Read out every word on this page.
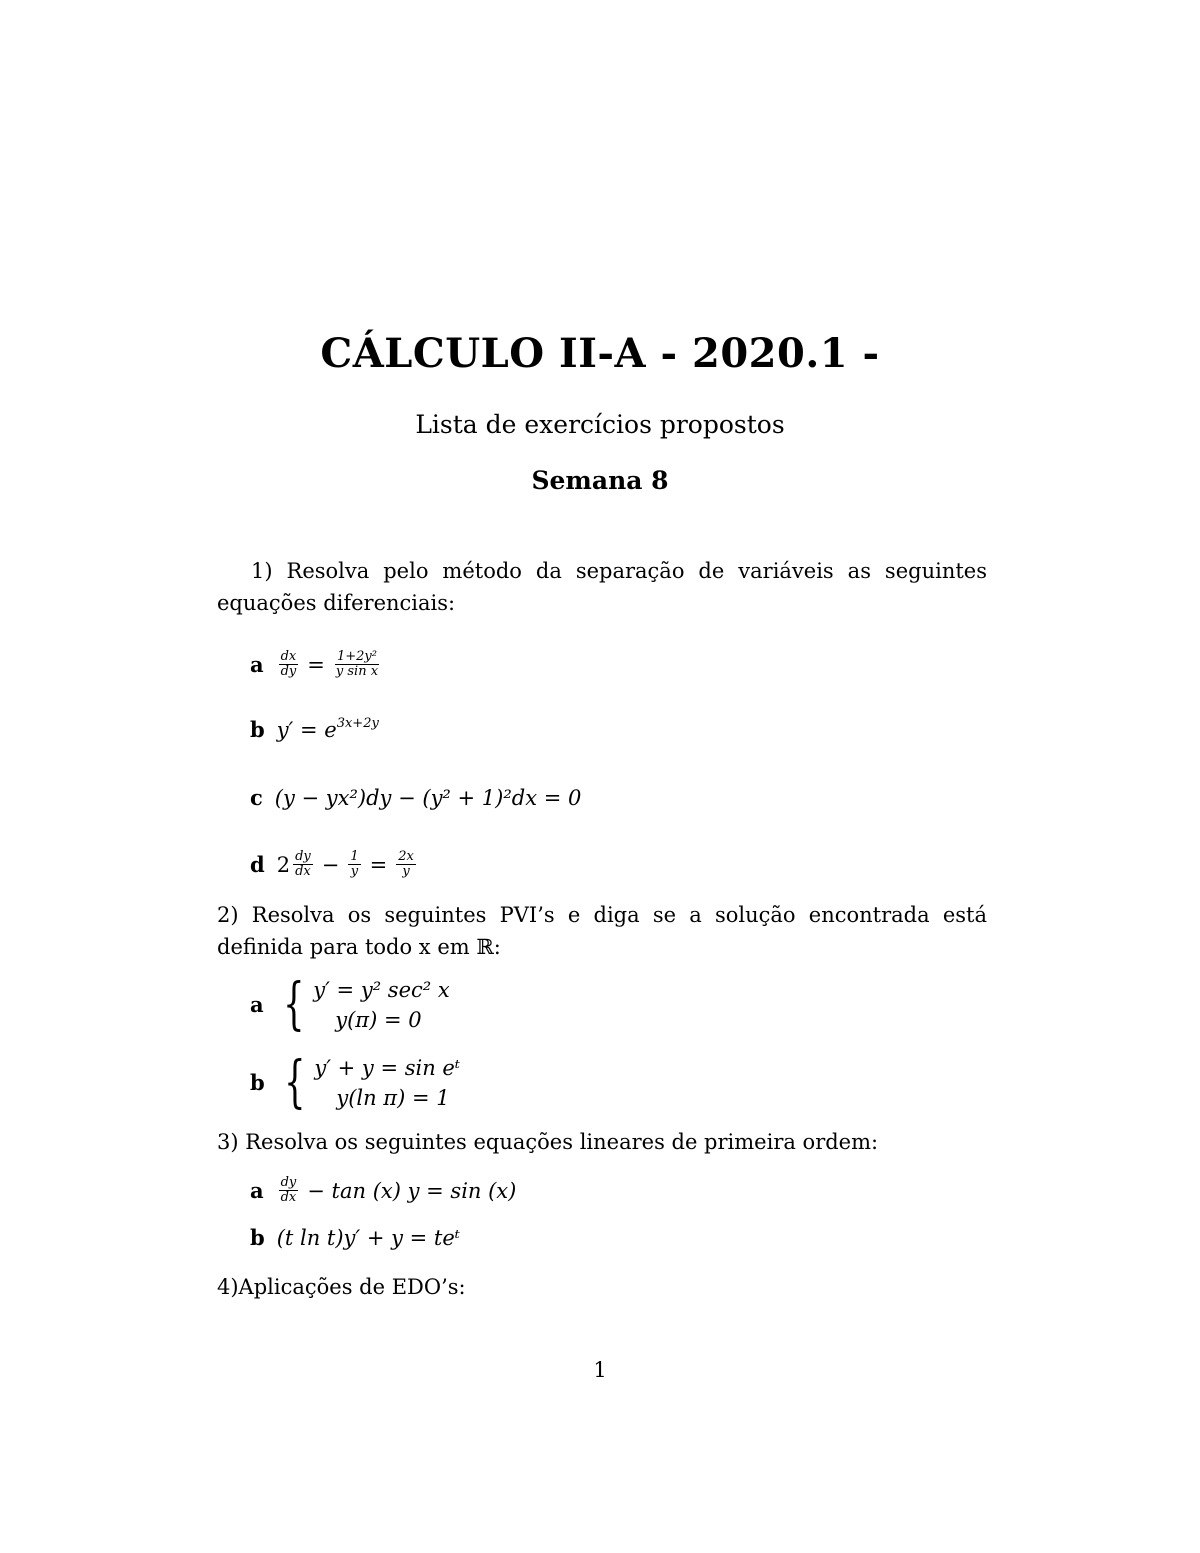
CÁLCULO II-A - 2020.1 -
Lista de exercícios propostos
Semana 8
1) Resolva pelo método da separação de variáveis as seguintes equações diferenciais:
a $\frac{dx}{dy} = \frac{\text{1+2y²}}{\text{y sin x}}$
b $y' = e^{3x+2y}$
c (y − yx²)dy − (y² + 1)²dx = 0
d $2 \frac{dy}{dx} - \frac{1}{y} = \frac{2x}{y}$
2) Resolva os seguintes PVI’s e diga se a solução encontrada está definida para todo x em ℝ:
a { y′ = y² sec² x
y(π) = 0
b { y′ + y = sin eᵗ
y(ln π) = 1
3) Resolva os seguintes equações lineares de primeira ordem:
a $\frac{dy}{dx} - \tan (x) y = \sin (x)$
b (t ln t)y′ + y = teᵗ
4)Aplicações de EDO’s:
1
